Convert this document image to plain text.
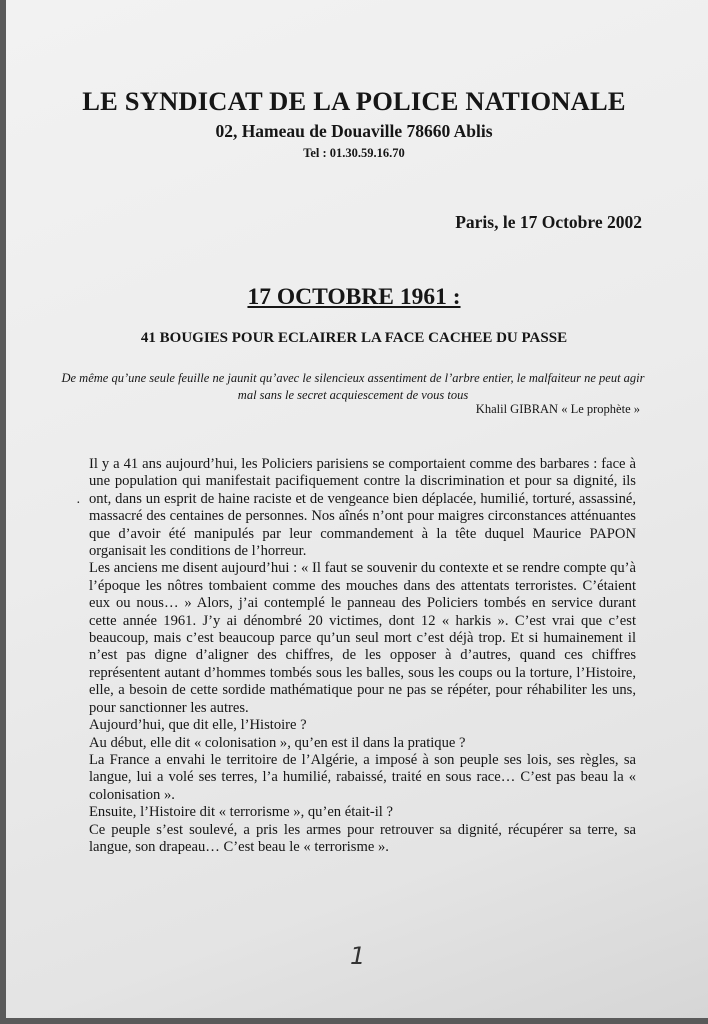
LE SYNDICAT DE LA POLICE NATIONALE
02, Hameau de Douaville 78660 Ablis
Tel : 01.30.59.16.70
Paris, le 17 Octobre 2002
17 OCTOBRE 1961 :
41 BOUGIES POUR ECLAIRER LA FACE CACHEE DU PASSE
De même qu’une seule feuille ne jaunit qu’avec le silencieux assentiment de l’arbre entier, le malfaiteur ne peut agir mal sans le secret acquiescement de vous tous
Khalil GIBRAN « Le prophète »
·

Il y a 41 ans aujourd’hui, les Policiers parisiens se comportaient comme des barbares : face à une population qui manifestait pacifiquement contre la discrimination et pour sa dignité, ils ont, dans un esprit de haine raciste et de vengeance bien déplacée, humilié, torturé, assassiné, massacré des centaines de personnes. Nos aînés n’ont pour maigres circonstances atténuantes que d’avoir été manipulés par leur commandement à la tête duquel Maurice PAPON organisait les conditions de l’horreur.

Les anciens me disent aujourd’hui : « Il faut se souvenir du contexte et se rendre compte qu’à l’époque les nôtres tombaient comme des mouches dans des attentats terroristes. C’étaient eux ou nous… » Alors, j’ai contemplé le panneau des Policiers tombés en service durant cette année 1961. J’y ai dénombré 20 victimes, dont 12 « harkis ». C’est vrai que c’est beaucoup, mais c’est beaucoup parce qu’un seul mort c’est déjà trop. Et si humainement il n’est pas digne d’aligner des chiffres, de les opposer à d’autres, quand ces chiffres représentent autant d’hommes tombés sous les balles, sous les coups ou la torture, l’Histoire, elle, a besoin de cette sordide mathématique pour ne pas se répéter, pour réhabiliter les uns, pour sanctionner les autres.

Aujourd’hui, que dit elle, l’Histoire ?

Au début, elle dit « colonisation », qu’en est il dans la pratique ?

La France a envahi le territoire de l’Algérie, a imposé à son peuple ses lois, ses règles, sa langue, lui a volé ses terres, l’a humilié, rabaissé, traité en sous race… C’est pas beau la « colonisation ».

Ensuite, l’Histoire dit « terrorisme », qu’en était-il ?

Ce peuple s’est soulevé, a pris les armes pour retrouver sa dignité, récupérer sa terre, sa langue, son drapeau… C’est beau le « terrorisme ».

1
